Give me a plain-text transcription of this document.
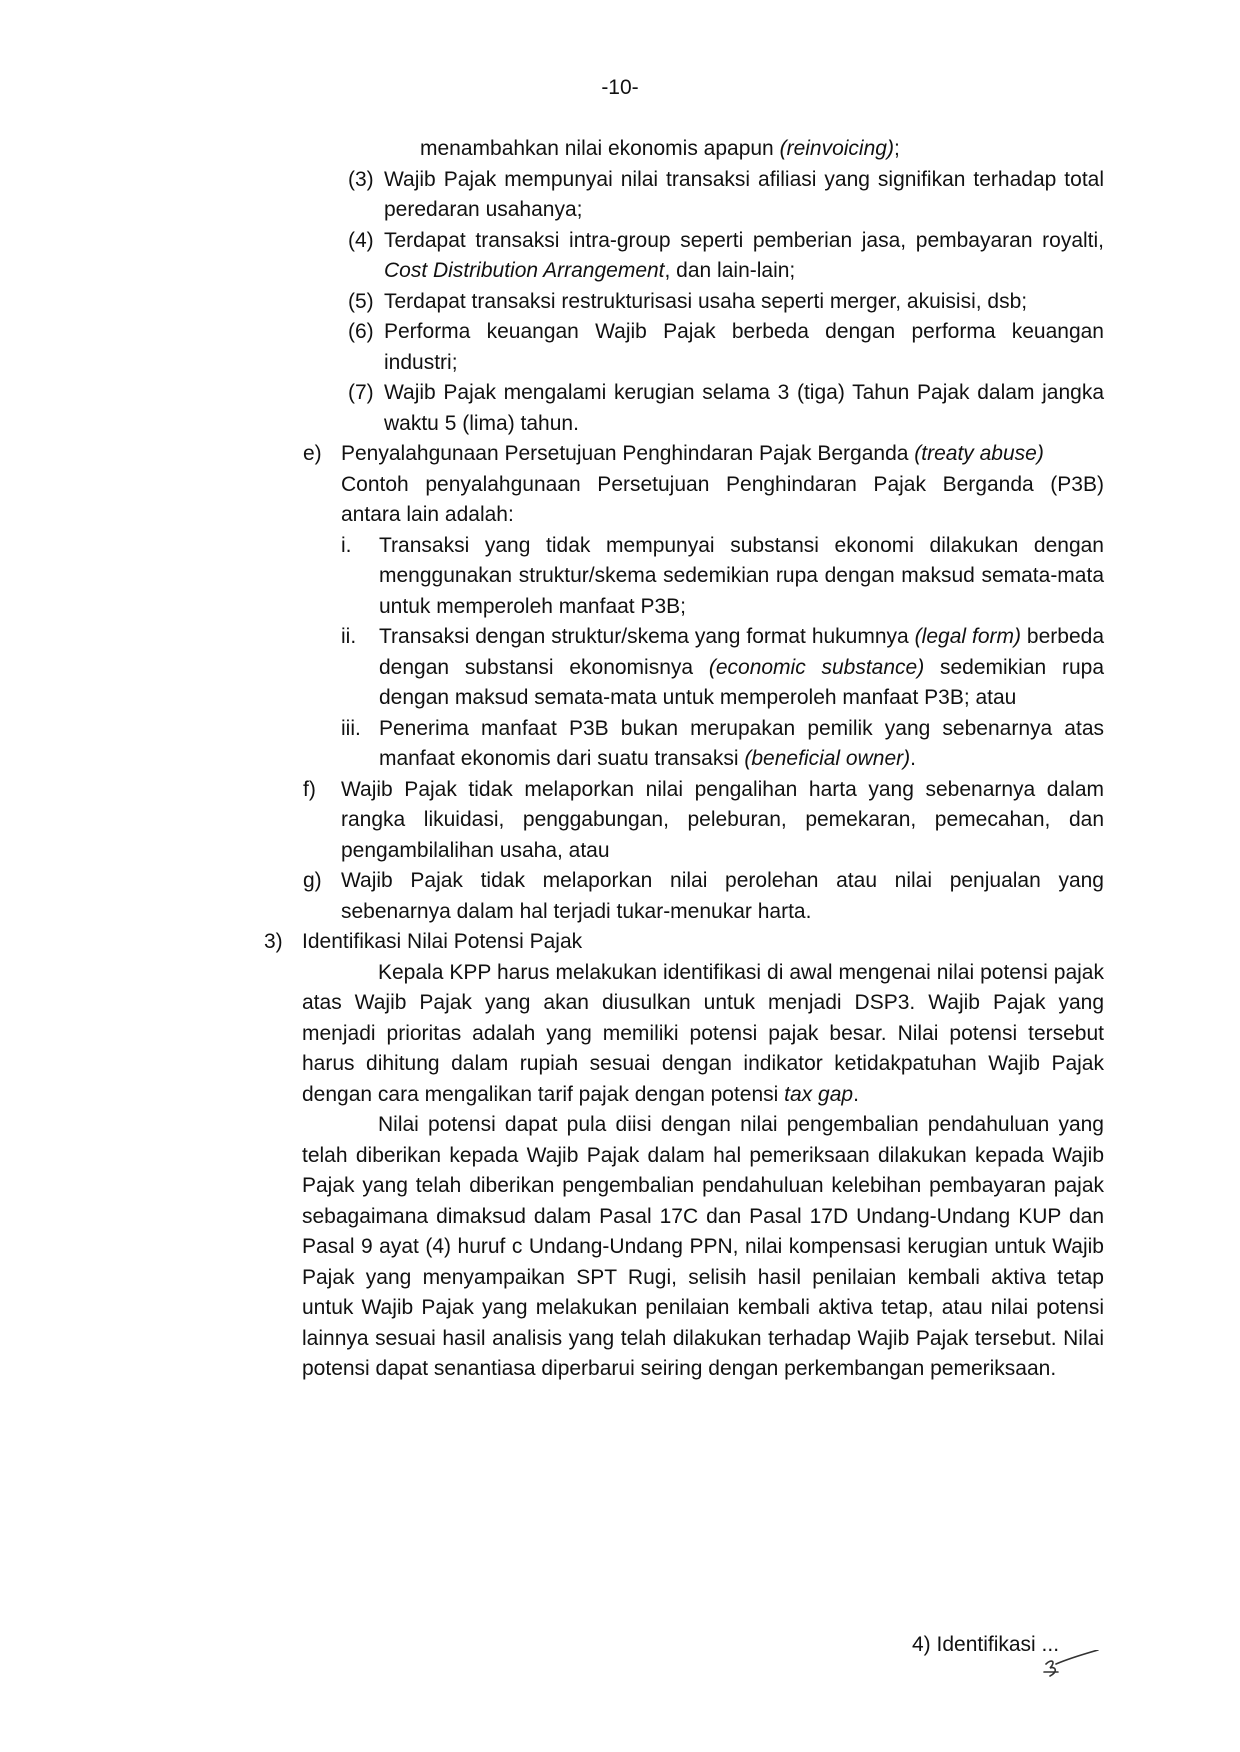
-10-

menambahkan nilai ekonomis apapun (reinvoicing);

(3) Wajib Pajak mempunyai nilai transaksi afiliasi yang signifikan terhadap total peredaran usahanya;
(4) Terdapat transaksi intra-group seperti pemberian jasa, pembayaran royalti, Cost Distribution Arrangement, dan lain-lain;
(5) Terdapat transaksi restrukturisasi usaha seperti merger, akuisisi, dsb;
(6) Performa keuangan Wajib Pajak berbeda dengan performa keuangan industri;
(7) Wajib Pajak mengalami kerugian selama 3 (tiga) Tahun Pajak dalam jangka waktu 5 (lima) tahun.
e) Penyalahgunaan Persetujuan Penghindaran Pajak Berganda (treaty abuse)

Contoh penyalahgunaan Persetujuan Penghindaran Pajak Berganda (P3B) antara lain adalah:

i.	Transaksi yang tidak mempunyai substansi ekonomi dilakukan dengan menggunakan struktur/skema sedemikian rupa dengan maksud semata-mata untuk memperoleh manfaat P3B;
ii.	Transaksi dengan struktur/skema yang format hukumnya (legal form) berbeda dengan substansi ekonomisnya (economic substance) sedemikian rupa dengan maksud semata-mata untuk memperoleh manfaat P3B; atau
iii. Penerima manfaat P3B bukan merupakan pemilik yang sebenarnya atas manfaat ekonomis dari suatu transaksi (beneficial owner).
f)	Wajib Pajak tidak melaporkan nilai pengalihan harta yang sebenarnya dalam rangka likuidasi, penggabungan, peleburan, pemekaran, pemecahan, dan pengambilalihan usaha, atau
g) Wajib Pajak tidak melaporkan nilai perolehan atau nilai penjualan yang sebenarnya dalam hal terjadi tukar-menukar harta.
3) Identifikasi Nilai Potensi Pajak

Kepala KPP harus melakukan identifikasi di awal mengenai nilai potensi pajak atas Wajib Pajak yang akan diusulkan untuk menjadi DSP3. Wajib Pajak yang menjadi prioritas adalah yang memiliki potensi pajak besar. Nilai potensi tersebut harus dihitung dalam rupiah sesuai dengan indikator ketidakpatuhan Wajib Pajak dengan cara mengalikan tarif pajak dengan potensi tax gap.

Nilai potensi dapat pula diisi dengan nilai pengembalian pendahuluan yang telah diberikan kepada Wajib Pajak dalam hal pemeriksaan dilakukan kepada Wajib Pajak yang telah diberikan pengembalian pendahuluan kelebihan pembayaran pajak sebagaimana dimaksud dalam Pasal 17C dan Pasal 17D Undang-Undang KUP dan Pasal 9 ayat (4) huruf c Undang-Undang PPN, nilai kompensasi kerugian untuk Wajib Pajak yang menyampaikan SPT Rugi, selisih hasil penilaian kembali aktiva tetap untuk Wajib Pajak yang melakukan penilaian kembali aktiva tetap, atau nilai potensi lainnya sesuai hasil analisis yang telah dilakukan terhadap Wajib Pajak tersebut. Nilai potensi dapat senantiasa diperbarui seiring dengan perkembangan pemeriksaan.

4) Identifikasi ...
